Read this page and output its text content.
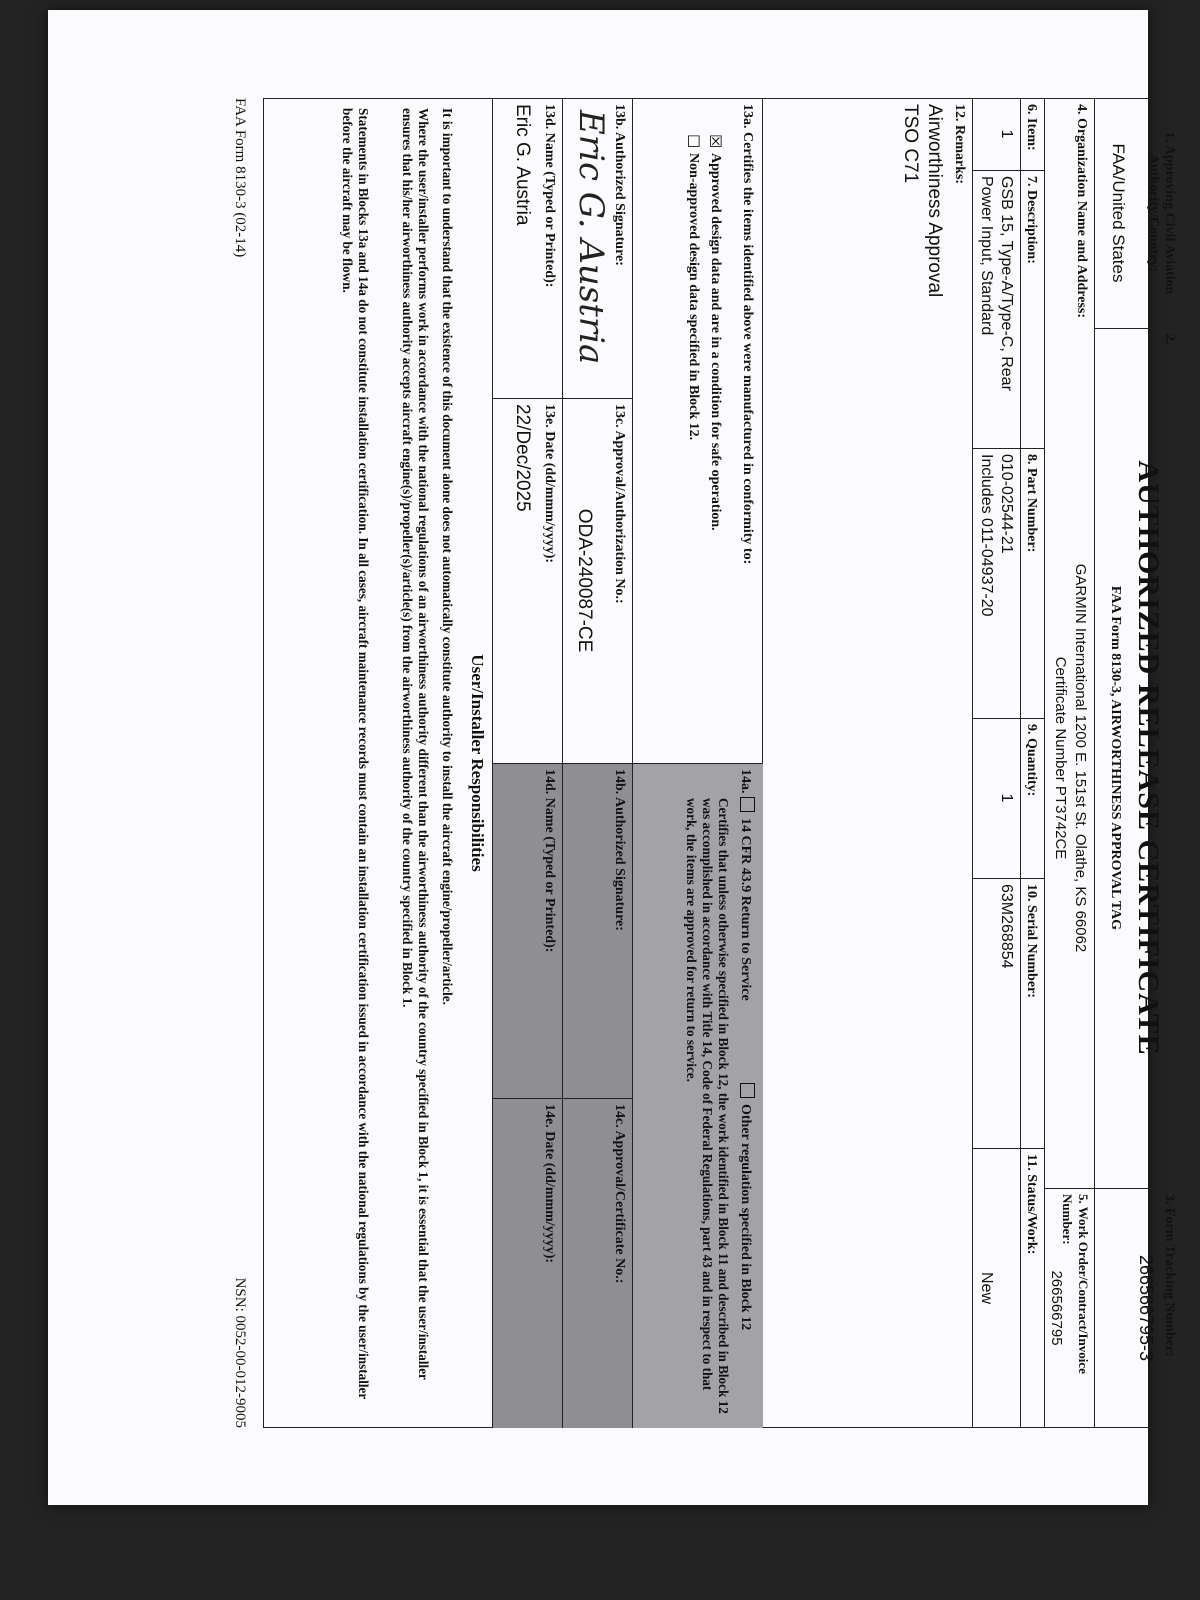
1. Approving Civil Aviation Authority/Country:
FAA/United States
2.
AUTHORIZED RELEASE CERTIFICATE
FAA Form 8130-3, AIRWORTHINESS APPROVAL TAG
3. Form Tracking Number:
266566795-3
4. Organization Name and Address:
GARMIN International 1200 E. 151st St. Olathe, KS 66062
Certificate Number PT3742CE
5. Work Order/Contract/Invoice Number:
266566795
6. Item:
7. Description:
8. Part Number:
9. Quantity:
10. Serial Number:
11. Status/Work:
1
GSB 15, Type-A/Type-C, Rear
Power Input, Standard
010-02544-21
Includes 011-04937-20
1
63M268854
New
12. Remarks:
Airworthiness Approval
TSO C71
13a. Certifies the items identified above were manufactured in conformity to:
☒Approved design data and are in a condition for safe operation.
☐Non-approved design data specified in Block 12.
14a. 14 CFR 43.9 Return to Service
Other regulation specified in Block 12
Certifies that unless otherwise specified in Block 12, the work identified in Block 11 and described in Block 12 was accomplished in accordance with Title 14, Code of Federal Regulations, part 43 and in respect to that work, the items are approved for return to service.
13b. Authorized Signature:
Eric G. Austria
13c. Approval/Authorization No.:
ODA-240087-CE
14b. Authorized Signature:
14c. Approval/Certificate No.:
13d. Name (Typed or Printed):
Eric G. Austria
13e. Date (dd/mmm/yyyy):
22/Dec/2025
14d. Name (Typed or Printed):
14e. Date (dd/mmm/yyyy):
User/Installer Responsibilities
It is important to understand that the existence of this document alone does not automatically constitute authority to install the aircraft engine/propeller/article.
Where the user/installer performs work in accordance with the national regulations of an airworthiness authority different than the airworthiness authority of the country specified in Block 1, it is essential that the user/installer ensures that his/her airworthiness authority accepts aircraft engine(s)/propeller(s)/article(s) from the airworthiness authority of the country specified in Block 1.
Statements in Blocks 13a and 14a do not constitute installation certification. In all cases, aircraft maintenance records must contain an installation certification issued in accordance with the national regulations by the user/installer before the aircraft may be flown.
FAA Form 8130-3 (02-14)
NSN: 0052-00-012-9005
